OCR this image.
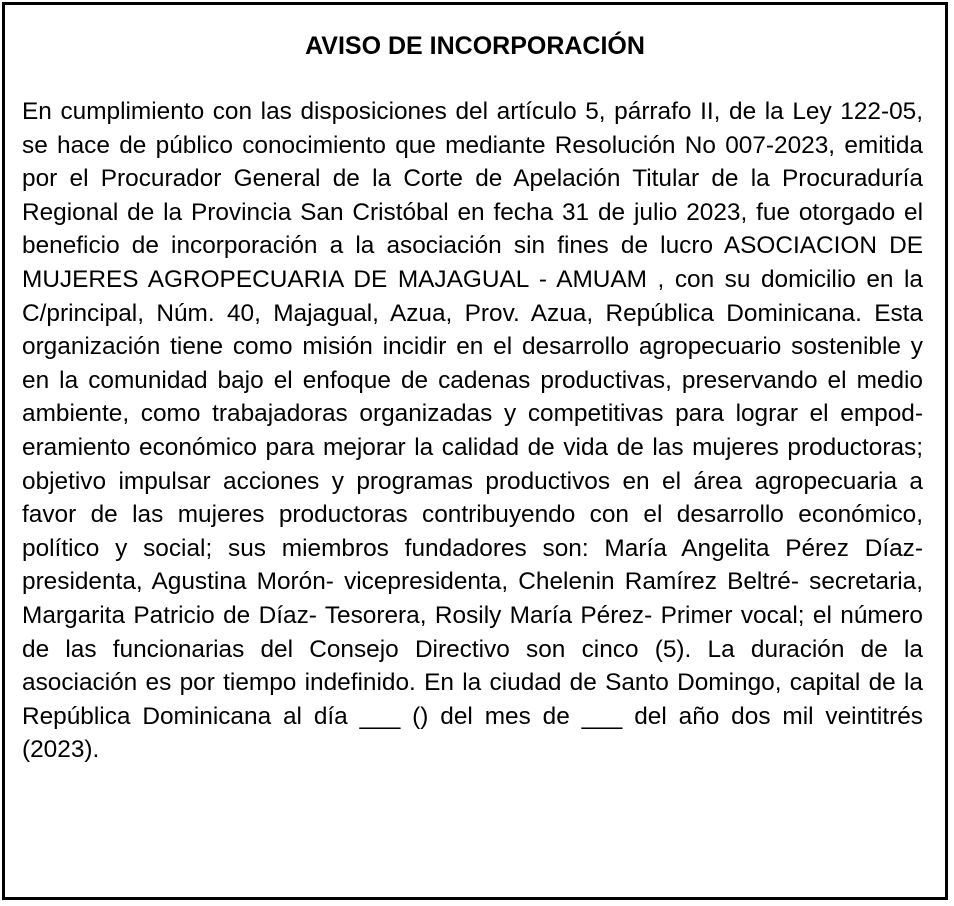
AVISO DE INCORPORACIÓN

En cumplimiento con las disposiciones del artículo 5, párrafo II, de la Ley 122-05, se hace de público conocimiento que mediante Resolución No 007-2023, emitida por el Procurador General de la Corte de Apelación Titular de la Procuraduría Regional de la Provincia San Cristóbal en fecha 31 de julio 2023, fue otorgado el beneficio de incorporación a la asociación sin fines de lucro ASOCIACION DE MUJERES AGROPECUARIA DE MAJAGUAL - AMUAM , con su domicilio en la C/principal, Núm. 40, Majagual, Azua, Prov. Azua, República Dominicana. Esta organización tiene como misión incidir en el desarrollo agropecuario sostenible y en la comunidad bajo el enfoque de cadenas productivas, preservando el medio ambiente, como trabajadoras organizadas y competitivas para lograr el empoderamiento económico para mejorar la calidad de vida de las mujeres productoras; objetivo impulsar acciones y programas productivos en el área agropecuaria a favor de las mujeres productoras contribuyendo con el desarrollo económico, político y social; sus miembros fundadores son: María Angelita Pérez Díaz- presidenta, Agustina Morón- vicepresidenta, Chelenin Ramírez Beltré- secretaria, Margarita Patricio de Díaz- Tesorera, Rosily María Pérez- Primer vocal; el número de las funcionarias del Consejo Directivo son cinco (5). La duración de la asociación es por tiempo indefinido. En la ciudad de Santo Domingo, capital de la República Dominicana al día ___ () del mes de ___ del año dos mil veintitrés (2023).
